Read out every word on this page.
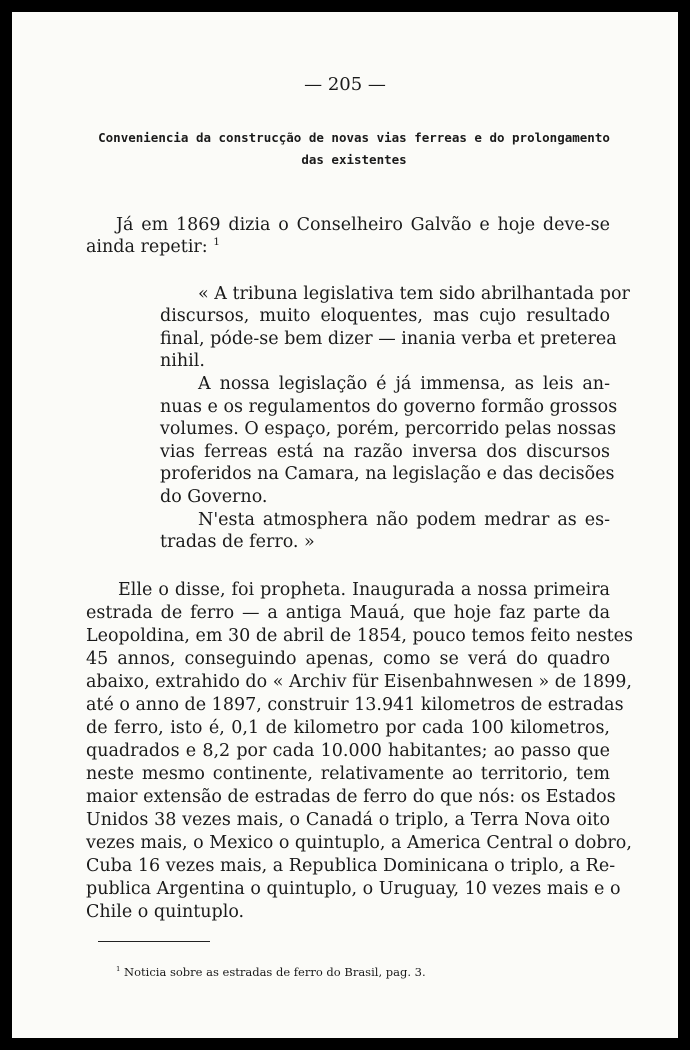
— 205 —
Conveniencia da construcção de novas vias ferreas e do prolongamento
das existentes
Já em 1869 dizia o Conselheiro Galvão e hoje deve-se
ainda repetir: $^1$
« A tribuna legislativa tem sido abrilhantada por
discursos, muito eloquentes, mas cujo resultado
final, póde-se bem dizer — inania verba et preterea
nihil.
A nossa legislação é já immensa, as leis an-
nuas e os regulamentos do governo formão grossos
volumes. O espaço, porém, percorrido pelas nossas
vias ferreas está na razão inversa dos discursos
proferidos na Camara, na legislação e das decisões
do Governo.
N'esta atmosphera não podem medrar as es-
tradas de ferro. »
Elle o disse, foi propheta. Inaugurada a nossa primeira
estrada de ferro — a antiga Mauá, que hoje faz parte da
Leopoldina, em 30 de abril de 1854, pouco temos feito nestes
45 annos, conseguindo apenas, como se verá do quadro
abaixo, extrahido do « Archiv für Eisenbahnwesen » de 1899,
até o anno de 1897, construir 13.941 kilometros de estradas
de ferro, isto é, 0,1 de kilometro por cada 100 kilometros,
quadrados e 8,2 por cada 10.000 habitantes; ao passo que
neste mesmo continente, relativamente ao territorio, tem
maior extensão de estradas de ferro do que nós: os Estados
Unidos 38 vezes mais, o Canadá o triplo, a Terra Nova oito
vezes mais, o Mexico o quintuplo, a America Central o dobro,
Cuba 16 vezes mais, a Republica Dominicana o triplo, a Re-
publica Argentina o quintuplo, o Uruguay, 10 vezes mais e o
Chile o quintuplo.
$^1$ Noticia sobre as estradas de ferro do Brasil, pag. 3.
